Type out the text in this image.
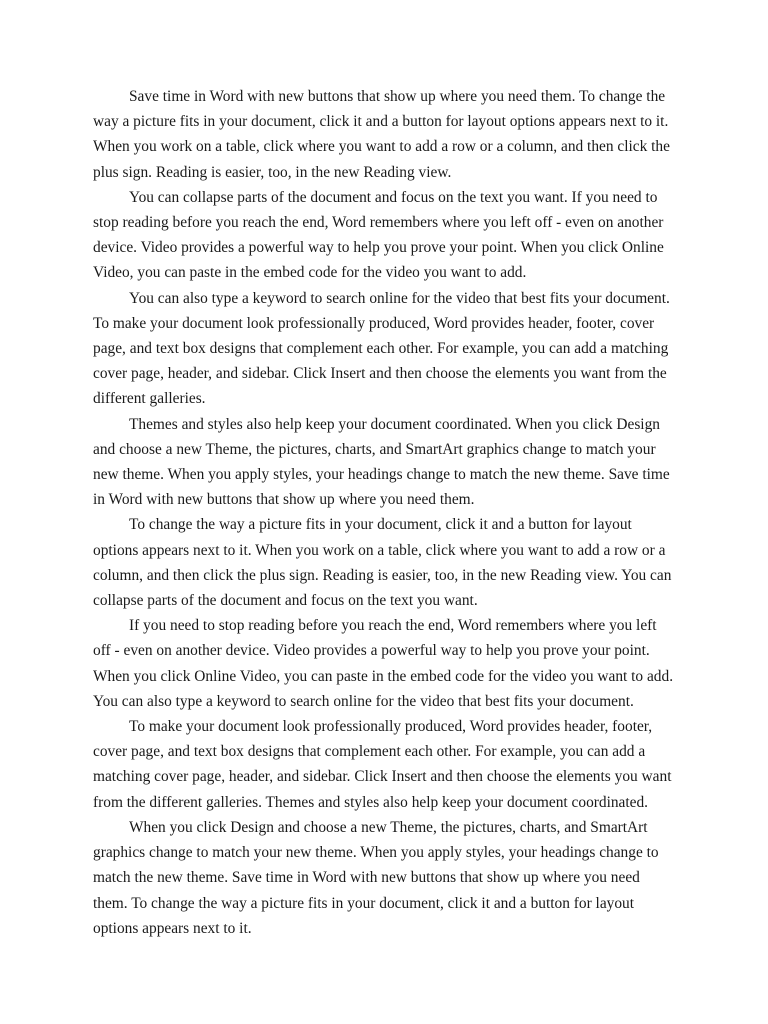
Save time in Word with new buttons that show up where you need them. To change the way a picture fits in your document, click it and a button for layout options appears next to it. When you work on a table, click where you want to add a row or a column, and then click the plus sign. Reading is easier, too, in the new Reading view.

You can collapse parts of the document and focus on the text you want. If you need to stop reading before you reach the end, Word remembers where you left off - even on another device. Video provides a powerful way to help you prove your point. When you click Online Video, you can paste in the embed code for the video you want to add.

You can also type a keyword to search online for the video that best fits your document. To make your document look professionally produced, Word provides header, footer, cover page, and text box designs that complement each other. For example, you can add a matching cover page, header, and sidebar. Click Insert and then choose the elements you want from the different galleries.

Themes and styles also help keep your document coordinated. When you click Design and choose a new Theme, the pictures, charts, and SmartArt graphics change to match your new theme. When you apply styles, your headings change to match the new theme. Save time in Word with new buttons that show up where you need them.

To change the way a picture fits in your document, click it and a button for layout options appears next to it. When you work on a table, click where you want to add a row or a column, and then click the plus sign. Reading is easier, too, in the new Reading view. You can collapse parts of the document and focus on the text you want.

If you need to stop reading before you reach the end, Word remembers where you left off - even on another device. Video provides a powerful way to help you prove your point. When you click Online Video, you can paste in the embed code for the video you want to add. You can also type a keyword to search online for the video that best fits your document.

To make your document look professionally produced, Word provides header, footer, cover page, and text box designs that complement each other. For example, you can add a matching cover page, header, and sidebar. Click Insert and then choose the elements you want from the different galleries. Themes and styles also help keep your document coordinated.

When you click Design and choose a new Theme, the pictures, charts, and SmartArt graphics change to match your new theme. When you apply styles, your headings change to match the new theme. Save time in Word with new buttons that show up where you need them. To change the way a picture fits in your document, click it and a button for layout options appears next to it.
